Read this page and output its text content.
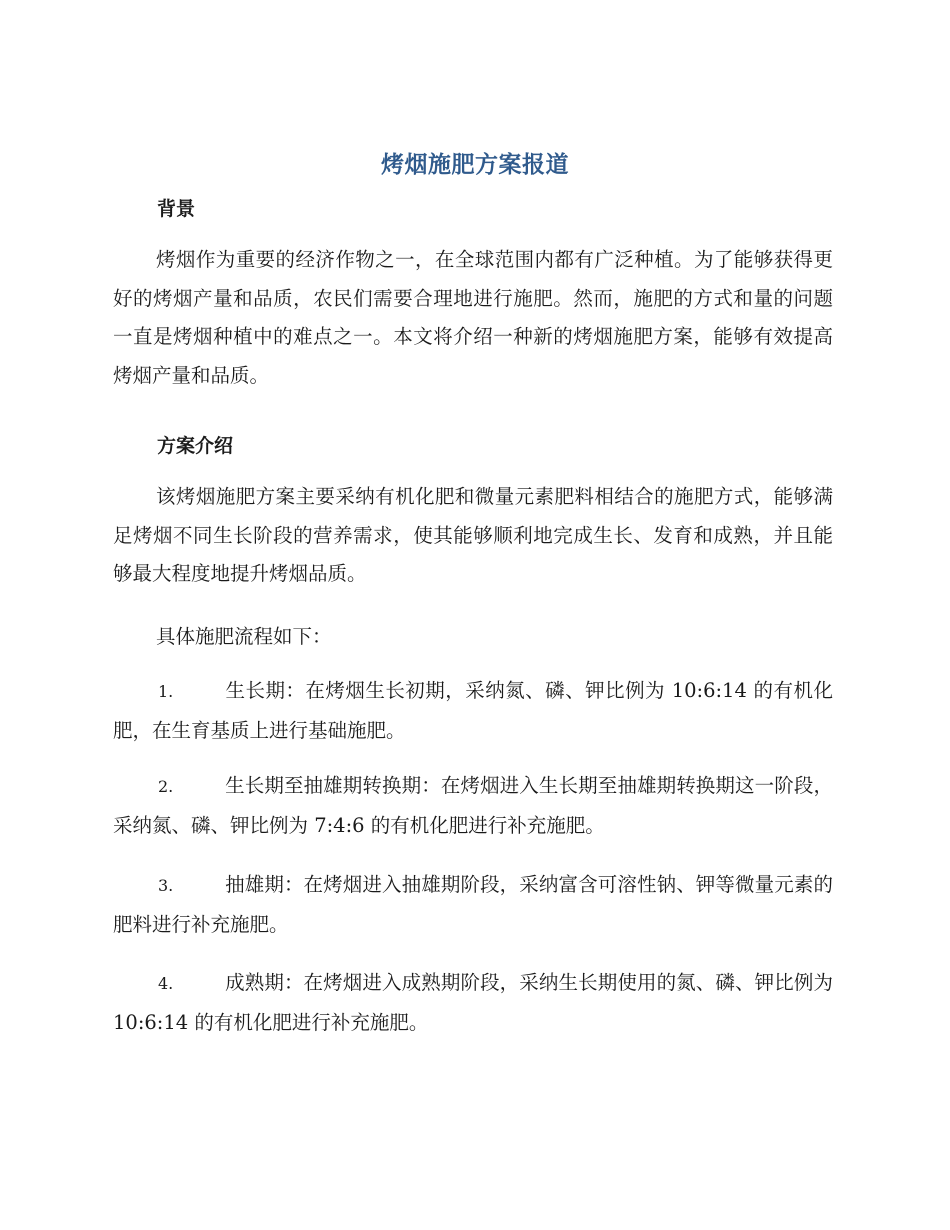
烤烟施肥方案报道
背景

烤烟作为重要的经济作物之一，在全球范围内都有广泛种植。为了能够获得更好的烤烟产量和品质，农民们需要合理地进行施肥。然而，施肥的方式和量的问题一直是烤烟种植中的难点之一。本文将介绍一种新的烤烟施肥方案，能够有效提高烤烟产量和品质。

方案介绍

该烤烟施肥方案主要采纳有机化肥和微量元素肥料相结合的施肥方式，能够满足烤烟不同生长阶段的营养需求，使其能够顺利地完成生长、发育和成熟，并且能够最大程度地提升烤烟品质。

具体施肥流程如下：

1.	生长期：在烤烟生长初期，采纳氮、磷、钾比例为 10:6:14 的有机化肥，在生育基质上进行基础施肥。

2.	生长期至抽雄期转换期：在烤烟进入生长期至抽雄期转换期这一阶段，采纳氮、磷、钾比例为 7:4:6 的有机化肥进行补充施肥。

3.	抽雄期：在烤烟进入抽雄期阶段，采纳富含可溶性钠、钾等微量元素的肥料进行补充施肥。

4.	成熟期：在烤烟进入成熟期阶段，采纳生长期使用的氮、磷、钾比例为 10:6:14 的有机化肥进行补充施肥。
